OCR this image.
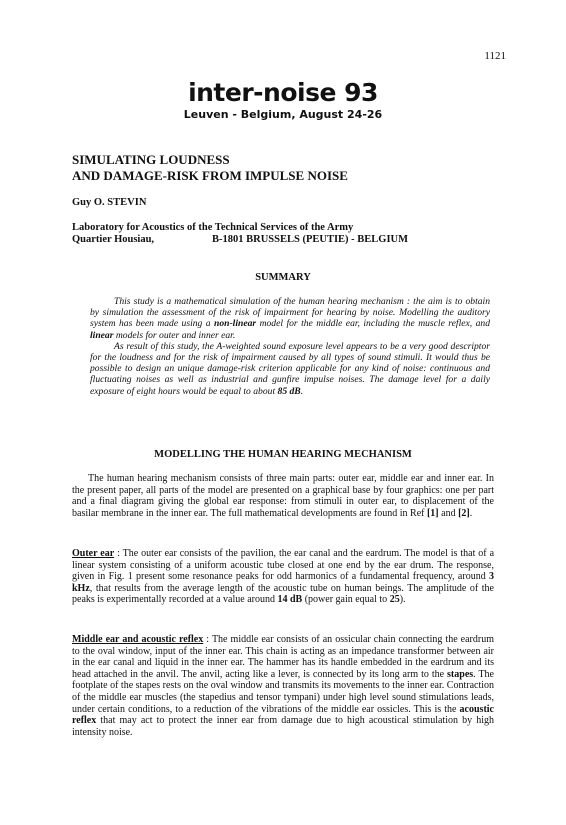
1121
inter-noise 93
Leuven - Belgium, August 24-26
SIMULATING LOUDNESS
AND DAMAGE-RISK FROM IMPULSE NOISE
Guy O. STEVIN
Laboratory for Acoustics of the Technical Services of the Army
Quartier Housiau,	B-1801 BRUSSELS (PEUTIE) - BELGIUM
SUMMARY

This study is a mathematical simulation of the human hearing mechanism : the aim is to obtain by simulation the assessment of the risk of impairment for hearing by noise. Modelling the auditory system has been made using a non-linear model for the middle ear, including the muscle reflex, and linear models for outer and inner ear.

As result of this study, the A-weighted sound exposure level appears to be a very good descriptor for the loudness and for the risk of impairment caused by all types of sound stimuli. It would thus be possible to design an unique damage-risk criterion applicable for any kind of noise: continuous and fluctuating noises as well as industrial and gunfire impulse noises. The damage level for a daily exposure of eight hours would be equal to about 85 dB.

MODELLING THE HUMAN HEARING MECHANISM

The human hearing mechanism consists of three main parts: outer ear, middle ear and inner ear. In the present paper, all parts of the model are presented on a graphical base by four graphics: one per part and a final diagram giving the global ear response: from stimuli in outer ear, to displacement of the basilar membrane in the inner ear. The full mathematical developments are found in Ref [1] and [2].

Outer ear : The outer ear consists of the pavilion, the ear canal and the eardrum. The model is that of a linear system consisting of a uniform acoustic tube closed at one end by the ear drum. The response, given in Fig. 1 present some resonance peaks for odd harmonics of a fundamental frequency, around 3 kHz, that results from the average length of the acoustic tube on human beings. The amplitude of the peaks is experimentally recorded at a value around 14 dB (power gain equal to 25).

Middle ear and acoustic reflex : The middle ear consists of an ossicular chain connecting the eardrum to the oval window, input of the inner ear. This chain is acting as an impedance transformer between air in the ear canal and liquid in the inner ear. The hammer has its handle embedded in the eardrum and its head attached in the anvil. The anvil, acting like a lever, is connected by its long arm to the stapes. The footplate of the stapes rests on the oval window and transmits its movements to the inner ear. Contraction of the middle ear muscles (the stapedius and tensor tympani) under high level sound stimulations leads, under certain conditions, to a reduction of the vibrations of the middle ear ossicles. This is the acoustic reflex that may act to protect the inner ear from damage due to high acoustical stimulation by high intensity noise.
